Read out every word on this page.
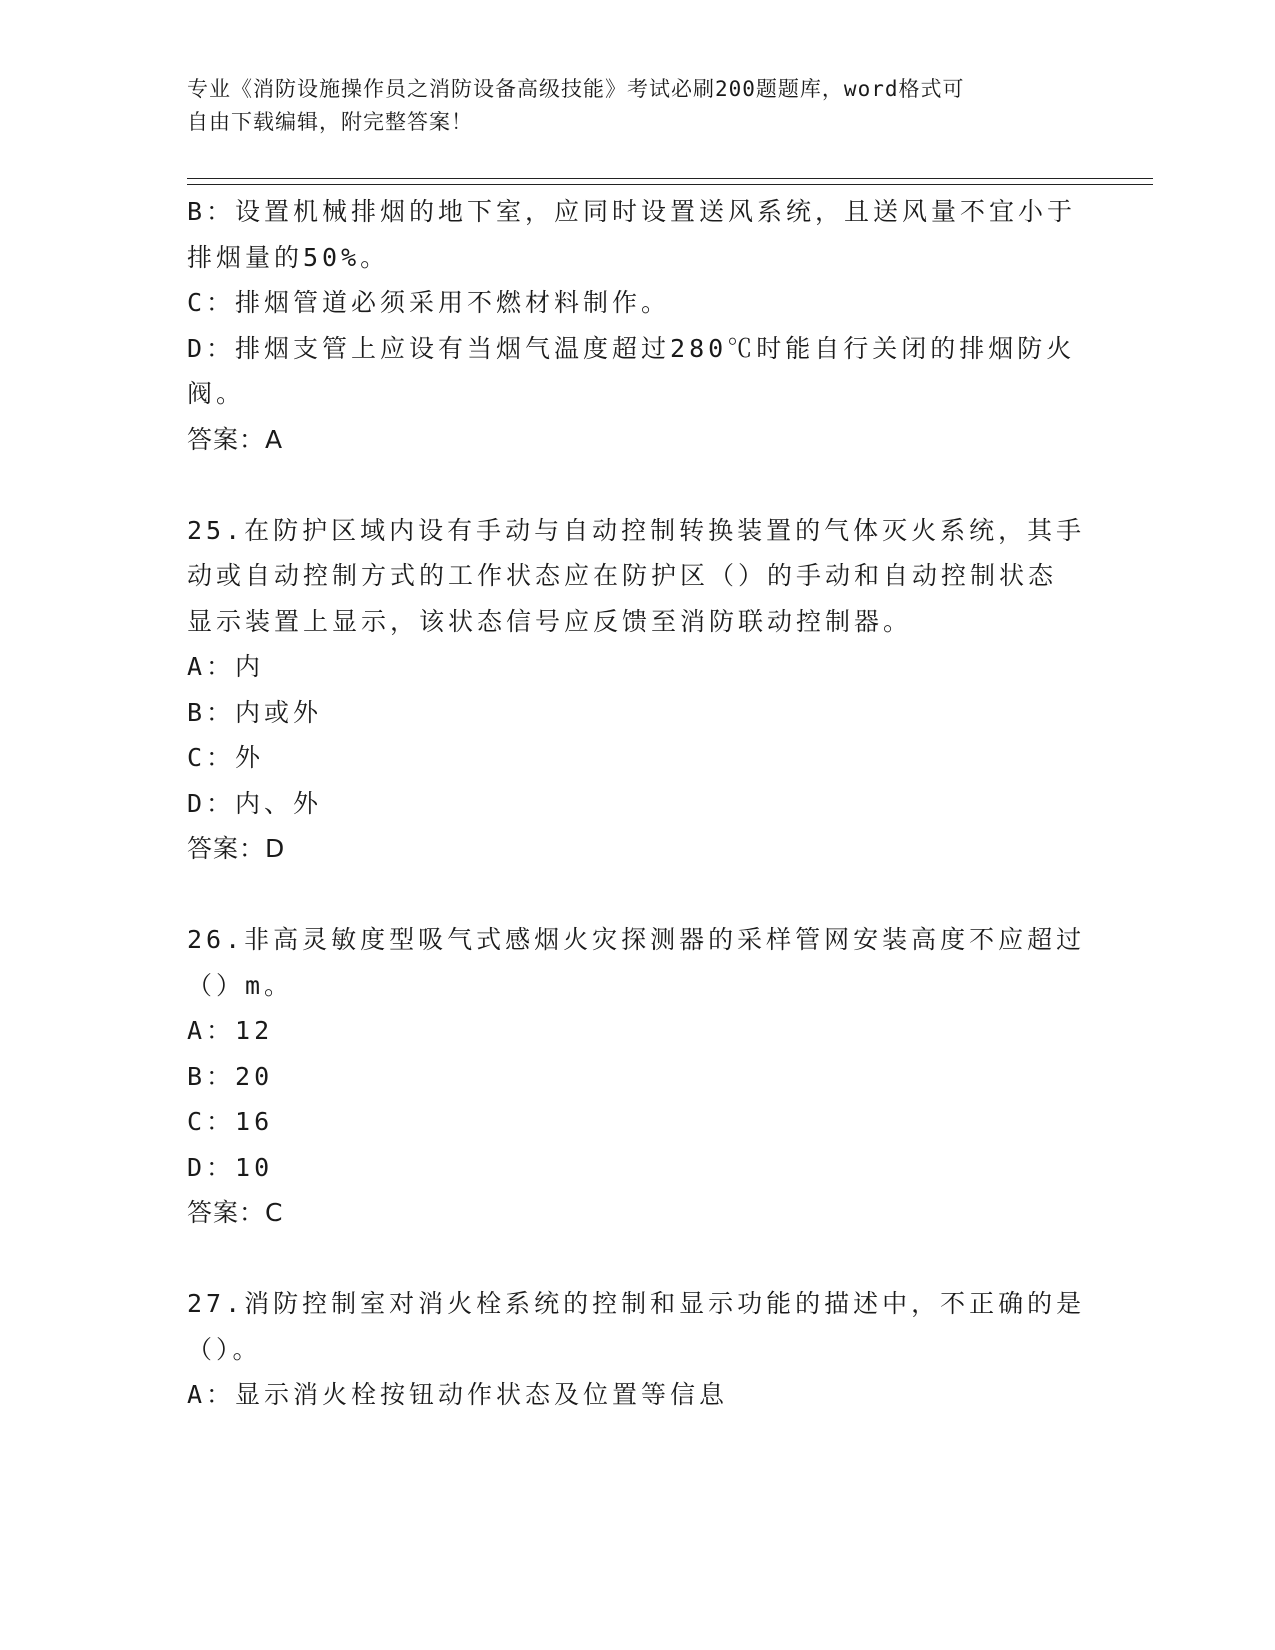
专业《消防设施操作员之消防设备高级技能》考试必刷200题题库，word格式可
自由下载编辑，附完整答案！
B：设置机械排烟的地下室，应同时设置送风系统，且送风量不宜小于
排烟量的50%。
C：排烟管道必须采用不燃材料制作。
D：排烟支管上应设有当烟气温度超过280℃时能自行关闭的排烟防火
阀。
答案：A
25.在防护区域内设有手动与自动控制转换装置的气体灭火系统，其手
动或自动控制方式的工作状态应在防护区（）的手动和自动控制状态
显示装置上显示，该状态信号应反馈至消防联动控制器。
A：内
B：内或外
C：外
D：内、外
答案：D
26.非高灵敏度型吸气式感烟火灾探测器的采样管网安装高度不应超过
（）m。
A：12
B：20
C：16
D：10
答案：C
27.消防控制室对消火栓系统的控制和显示功能的描述中，不正确的是
（）。
A：显示消火栓按钮动作状态及位置等信息
